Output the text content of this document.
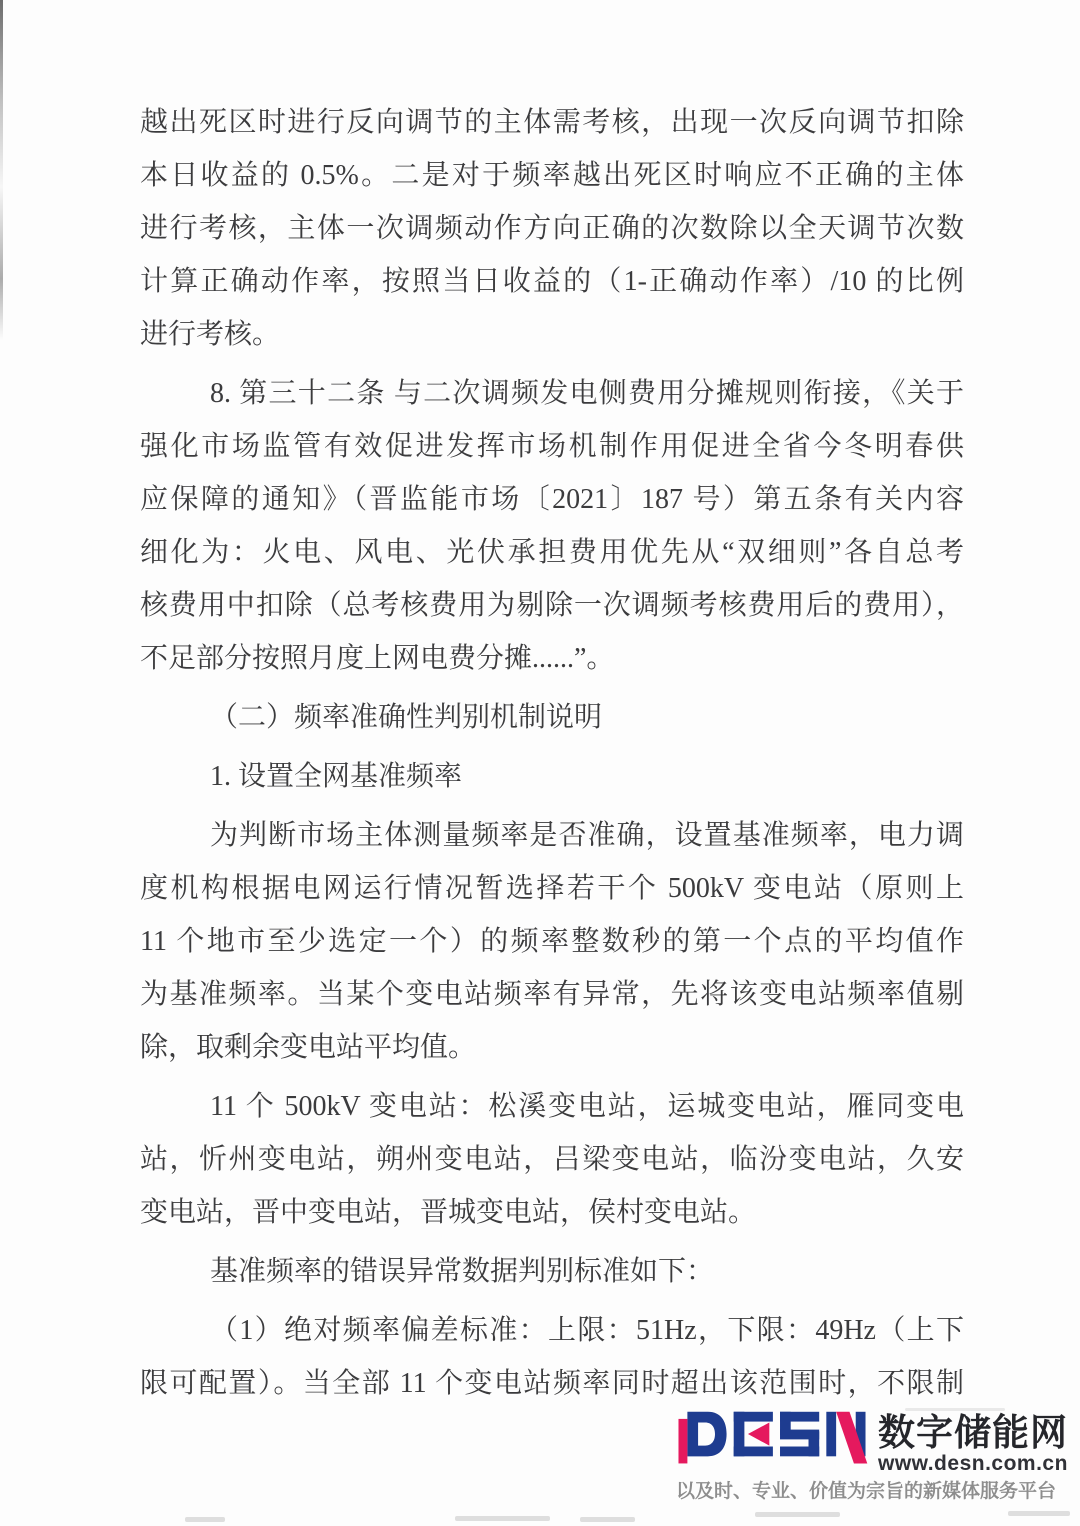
越出死区时进行反向调节的主体需考核，出现一次反向调节扣除
本日收益的 0.5%。二是对于频率越出死区时响应不正确的主体
进行考核，主体一次调频动作方向正确的次数除以全天调节次数
计算正确动作率，按照当日收益的（1-正确动作率）/10 的比例
进行考核。
8. 第三十二条 与二次调频发电侧费用分摊规则衔接，《关于
强化市场监管有效促进发挥市场机制作用促进全省今冬明春供
应保障的通知》（晋监能市场〔2021〕187 号）第五条有关内容
细化为：火电、风电、光伏承担费用优先从“双细则”各自总考
核费用中扣除（总考核费用为剔除一次调频考核费用后的费用），
不足部分按照月度上网电费分摊......”。
（二）频率准确性判别机制说明
1. 设置全网基准频率
为判断市场主体测量频率是否准确，设置基准频率，电力调
度机构根据电网运行情况暂选择若干个 500kV 变电站（原则上
11 个地市至少选定一个）的频率整数秒的第一个点的平均值作
为基准频率。当某个变电站频率有异常，先将该变电站频率值剔
除，取剩余变电站平均值。
11 个 500kV 变电站：松溪变电站，运城变电站，雁同变电
站，忻州变电站，朔州变电站，吕梁变电站，临汾变电站，久安
变电站，晋中变电站，晋城变电站，侯村变电站。
基准频率的错误异常数据判别标准如下：
（1）绝对频率偏差标准：上限：51Hz，下限：49Hz（上下
限可配置）。当全部 11 个变电站频率同时超出该范围时，不限制
数字储能网
www.desn.com.cn
以及时、专业、价值为宗旨的新媒体服务平台
